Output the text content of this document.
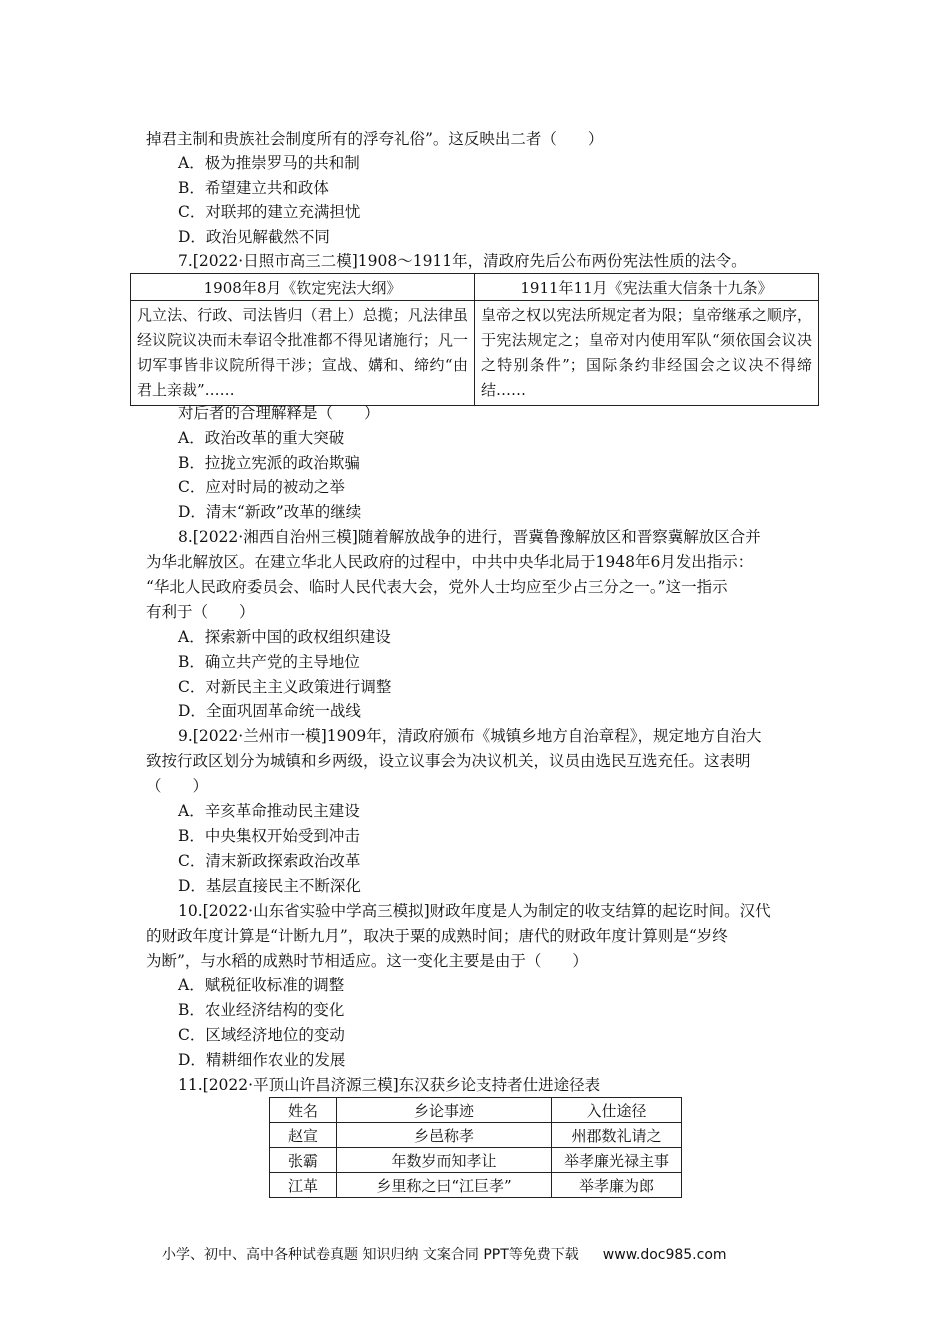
掉君主制和贵族社会制度所有的浮夸礼俗”。这反映出二者（　　）
A．极为推崇罗马的共和制
B．希望建立共和政体
C．对联邦的建立充满担忧
D．政治见解截然不同
7.[2022·日照市高三二模]1908～1911年，清政府先后公布两份宪法性质的法令。
1908年8月《钦定宪法大纲》	1911年11月《宪法重大信条十九条》
凡立法、行政、司法皆归（君上）总揽；凡法律虽经议院议决而未奉诏令批准都不得见诸施行；凡一切军事皆非议院所得干涉；宣战、媾和、缔约“由君上亲裁”……	皇帝之权以宪法所规定者为限；皇帝继承之顺序，于宪法规定之；皇帝对内使用军队“须依国会议决之特别条件”；国际条约非经国会之议决不得缔结……
对后者的合理解释是（　　）
A．政治改革的重大突破
B．拉拢立宪派的政治欺骗
C．应对时局的被动之举
D．清末“新政”改革的继续
8.[2022·湘西自治州三模]随着解放战争的进行，晋冀鲁豫解放区和晋察冀解放区合并
为华北解放区。在建立华北人民政府的过程中，中共中央华北局于1948年6月发出指示：
“华北人民政府委员会、临时人民代表大会，党外人士均应至少占三分之一。”这一指示
有利于（　　）
A．探索新中国的政权组织建设
B．确立共产党的主导地位
C．对新民主主义政策进行调整
D．全面巩固革命统一战线
9.[2022·兰州市一模]1909年，清政府颁布《城镇乡地方自治章程》，规定地方自治大
致按行政区划分为城镇和乡两级，设立议事会为决议机关，议员由选民互选充任。这表明
（　　）
A．辛亥革命推动民主建设
B．中央集权开始受到冲击
C．清末新政探索政治改革
D．基层直接民主不断深化
10.[2022·山东省实验中学高三模拟]财政年度是人为制定的收支结算的起讫时间。汉代
的财政年度计算是“计断九月”，取决于粟的成熟时间；唐代的财政年度计算则是“岁终
为断”，与水稻的成熟时节相适应。这一变化主要是由于（　　）
A．赋税征收标准的调整
B．农业经济结构的变化
C．区域经济地位的变动
D．精耕细作农业的发展
11.[2022·平顶山许昌济源三模]东汉获乡论支持者仕进途径表
姓名	乡论事迹	入仕途径
赵宣	乡邑称孝	州郡数礼请之
张霸	年数岁而知孝让	举孝廉光禄主事
江革	乡里称之曰“江巨孝”	举孝廉为郎
小学、初中、高中各种试卷真题 知识归纳 文案合同 PPT等免费下载 www.doc985.com
